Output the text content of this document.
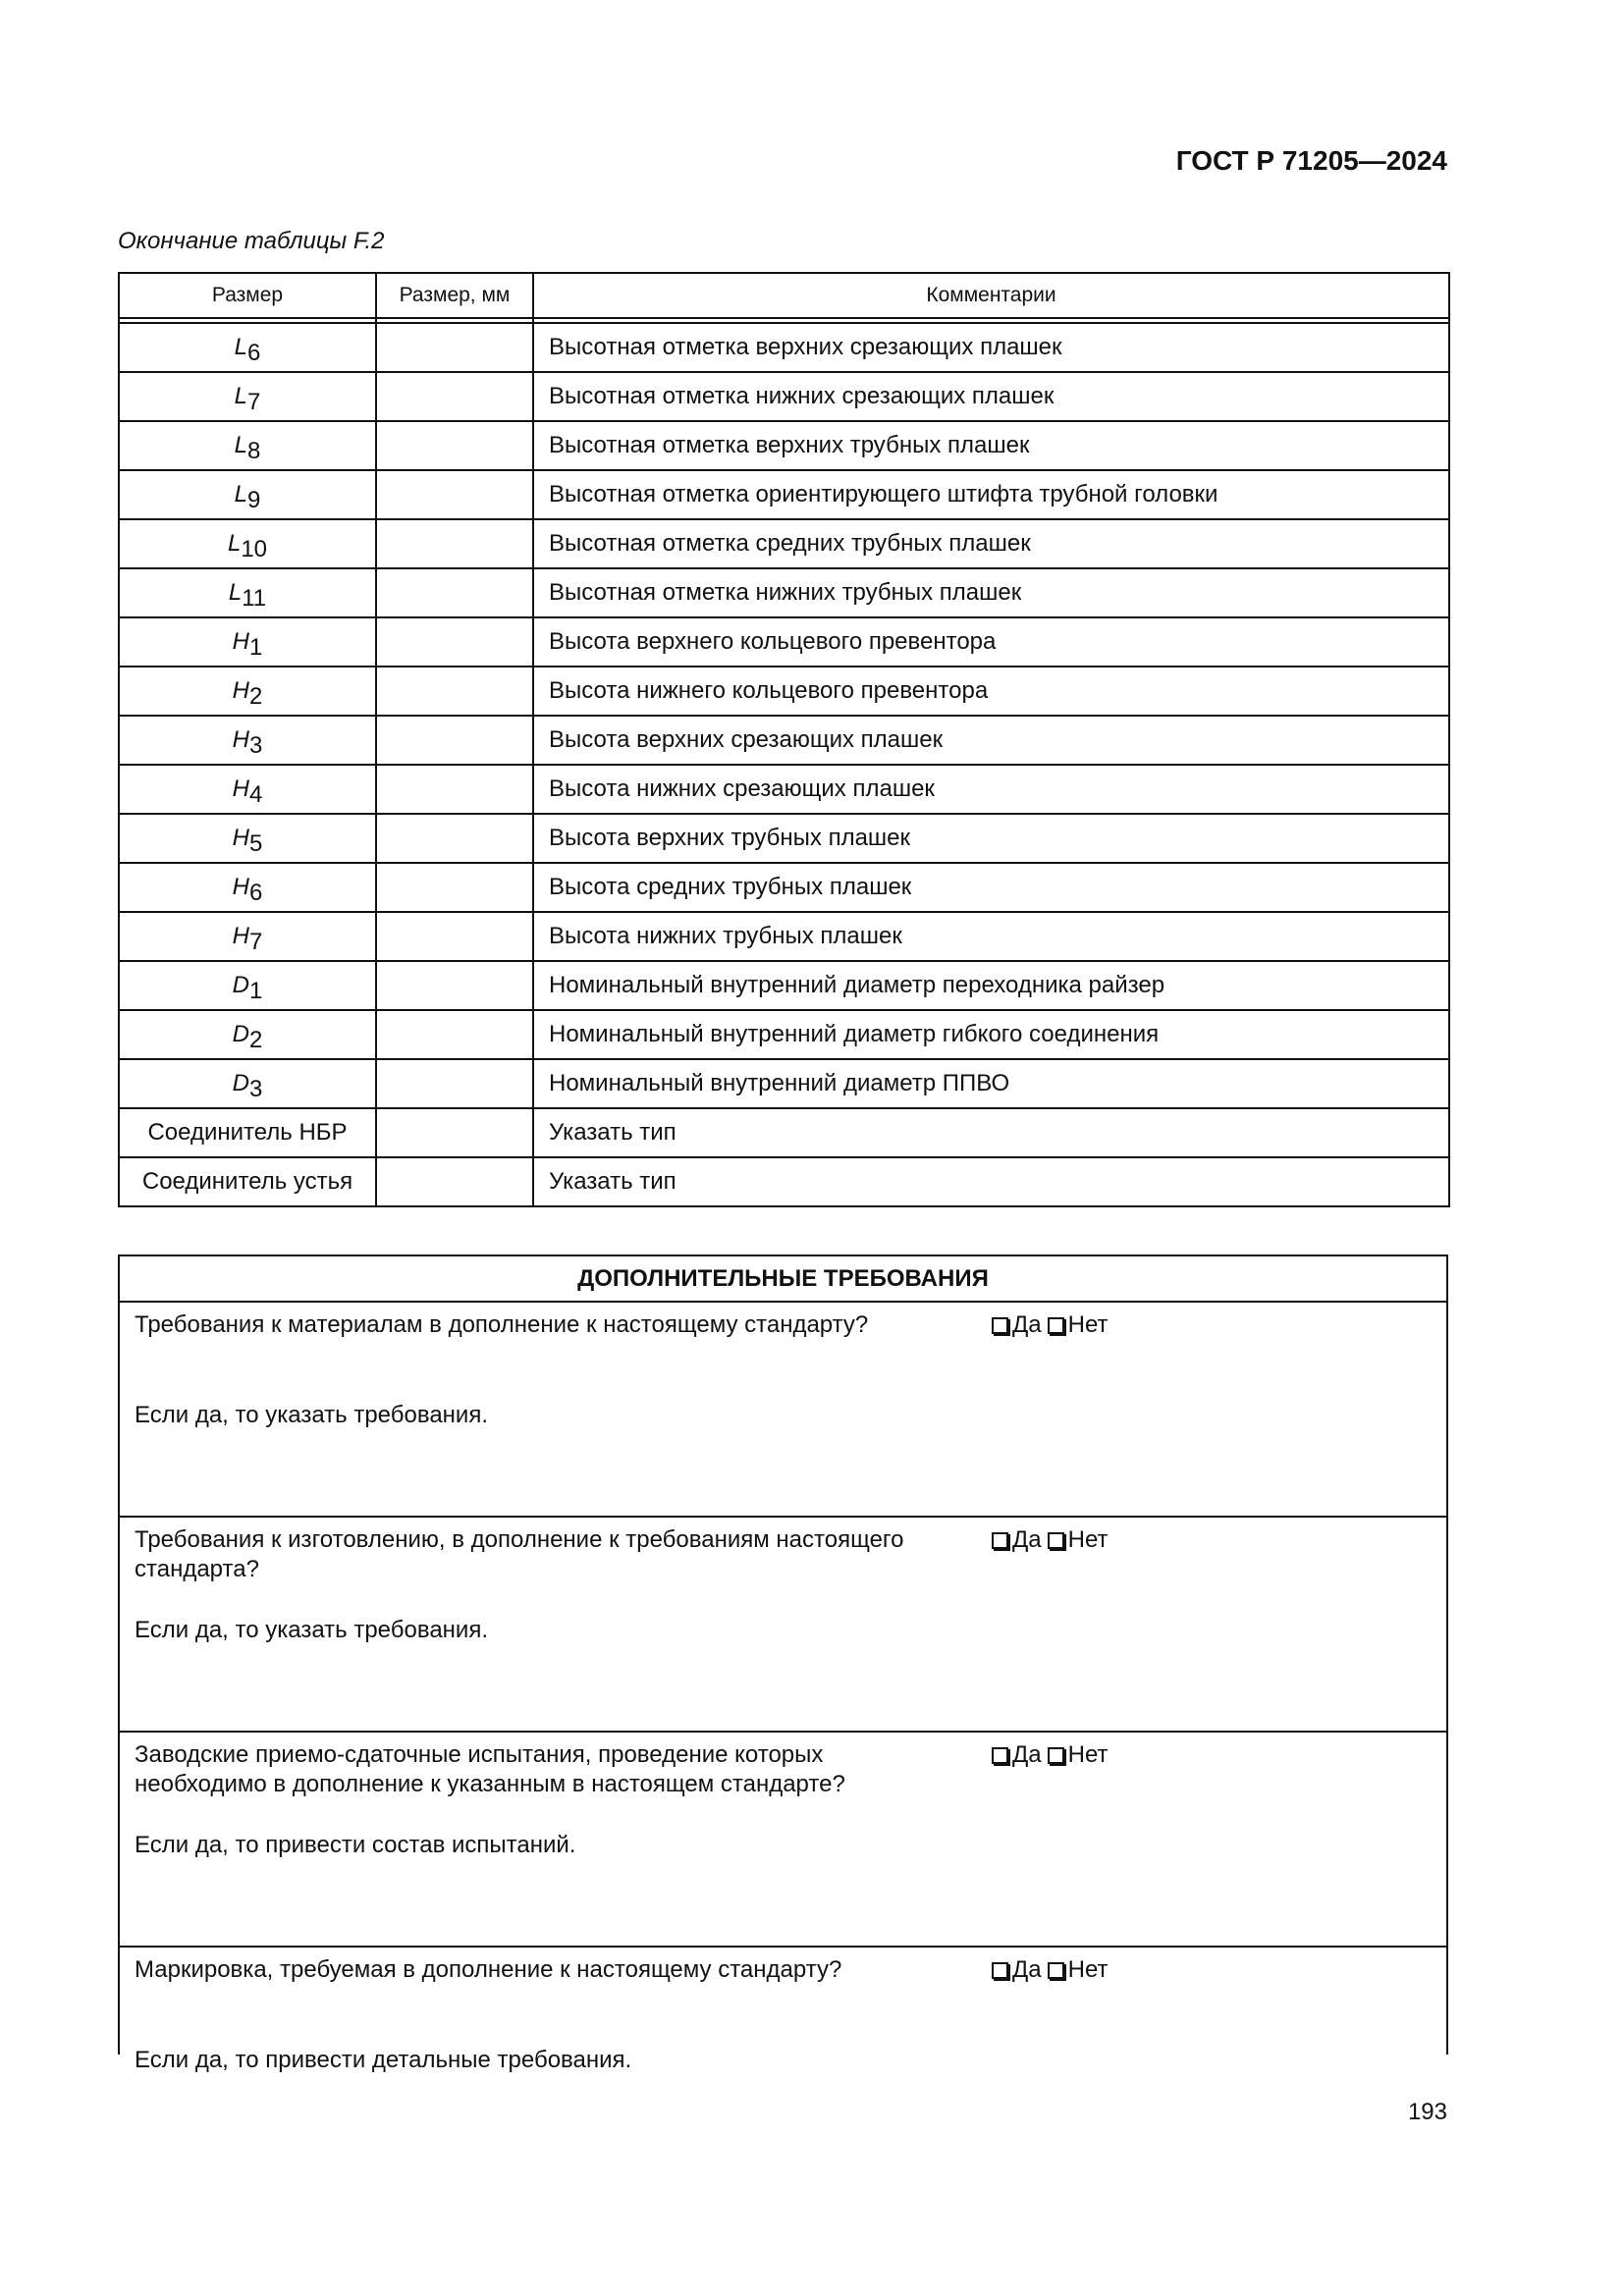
ГОСТ Р 71205—2024
Окончание таблицы F.2
Размер	Размер, мм	Комментарии

L6		Высотная отметка верхних срезающих плашек
L7		Высотная отметка нижних срезающих плашек
L8		Высотная отметка верхних трубных плашек
L9		Высотная отметка ориентирующего штифта трубной головки
L10		Высотная отметка средних трубных плашек
L11		Высотная отметка нижних трубных плашек
H1		Высота верхнего кольцевого превентора
H2		Высота нижнего кольцевого превентора
H3		Высота верхних срезающих плашек
H4		Высота нижних срезающих плашек
H5		Высота верхних трубных плашек
H6		Высота средних трубных плашек
H7		Высота нижних трубных плашек
D1		Номинальный внутренний диаметр переходника райзер
D2		Номинальный внутренний диаметр гибкого соединения
D3		Номинальный внутренний диаметр ППВО
Соединитель НБР		Указать тип
Соединитель устья		Указать тип
ДОПОЛНИТЕЛЬНЫЕ ТРЕБОВАНИЯ
Требования к материалам в дополнение к настоящему стандарту?	Да Нет
Если да, то указать требования.
Требования к изготовлению, в дополнение к требованиям настоящего стандарта?
Да Нет
Если да, то указать требования.
Заводские приемо-сдаточные испытания, проведение которых необходимо в дополнение к указанным в настоящем стандарте?
Да Нет
Если да, то привести состав испытаний.
Маркировка, требуемая в дополнение к настоящему стандарту?	Да Нет
Если да, то привести детальные требования.
193
